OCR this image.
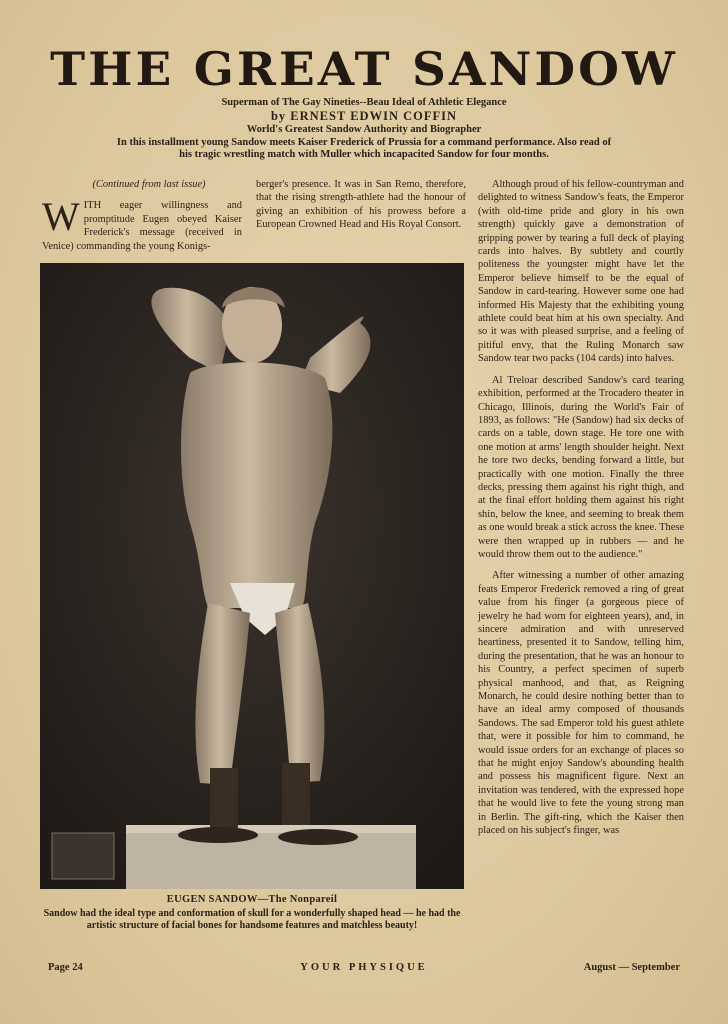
THE GREAT SANDOW

Superman of The Gay Nineties--Beau Ideal of Athletic Elegance

by ERNEST EDWIN COFFIN

World's Greatest Sandow Authority and Biographer

In this installment young Sandow meets Kaiser Frederick of Prussia for a command performance. Also read of his tragic wrestling match with Muller which incapacited Sandow for four months.

(Continued from last issue)

WITH eager willingness and promptitude Eugen obeyed Kaiser Frederick's message (received in Venice) commanding the young Konigs-

berger's presence. It was in San Remo, therefore, that the rising strength-athlete had the honour of giving an exhibition of his prowess before a European Crowned Head and His Royal Consort.

Although proud of his fellow-countryman and delighted to witness Sandow's feats, the Emperor (with old-time pride and glory in his own strength) quickly gave a demonstration of gripping power by tearing a full deck of playing cards into halves. By subtlety and courtly politeness the youngster might have let the Emperor believe himself to be the equal of Sandow in card-tearing. However some one had informed His Majesty that the exhibiting young athlete could beat him at his own specialty. And so it was with pleased surprise, and a feeling of pitiful envy, that the Ruling Monarch saw Sandow tear two packs (104 cards) into halves.

Al Treloar described Sandow's card tearing exhibition, performed at the Trocadero theater in Chicago, Illinois, during the World's Fair of 1893, as follows: "He (Sandow) had six decks of cards on a table, down stage. He tore one with one motion at arms' length shoulder height. Next he tore two decks, bending forward a little, but practically with one motion. Finally the three decks, pressing them against his right thigh, and at the final effort holding them against his right shin, below the knee, and seeming to break them as one would break a stick across the knee. These were then wrapped up in rubbers — and he would throw them out to the audience."

After witnessing a number of other amazing feats Emperor Frederick removed a ring of great value from his finger (a gorgeous piece of jewelry he had worn for eighteen years), and, in sincere admiration and with unreserved heartiness, presented it to Sandow, telling him, during the presentation, that he was an honour to his Country, a perfect specimen of superb physical manhood, and that, as Reigning Monarch, he could desire nothing better than to have an ideal army composed of thousands Sandows. The sad Emperor told his guest athlete that, were it possible for him to command, he would issue orders for an exchange of places so that he might enjoy Sandow's abounding health and possess his magnificent figure. Next an invitation was tendered, with the expressed hope that he would live to fete the young strong man in Berlin. The gift-ring, which the Kaiser then placed on his subject's finger, was

EUGEN SANDOW—The Nonpareil

Sandow had the ideal type and conformation of skull for a wonderfully shaped head — he had the artistic structure of facial bones for handsome features and matchless beauty!

Page 24	YOUR PHYSIQUE	August — September
